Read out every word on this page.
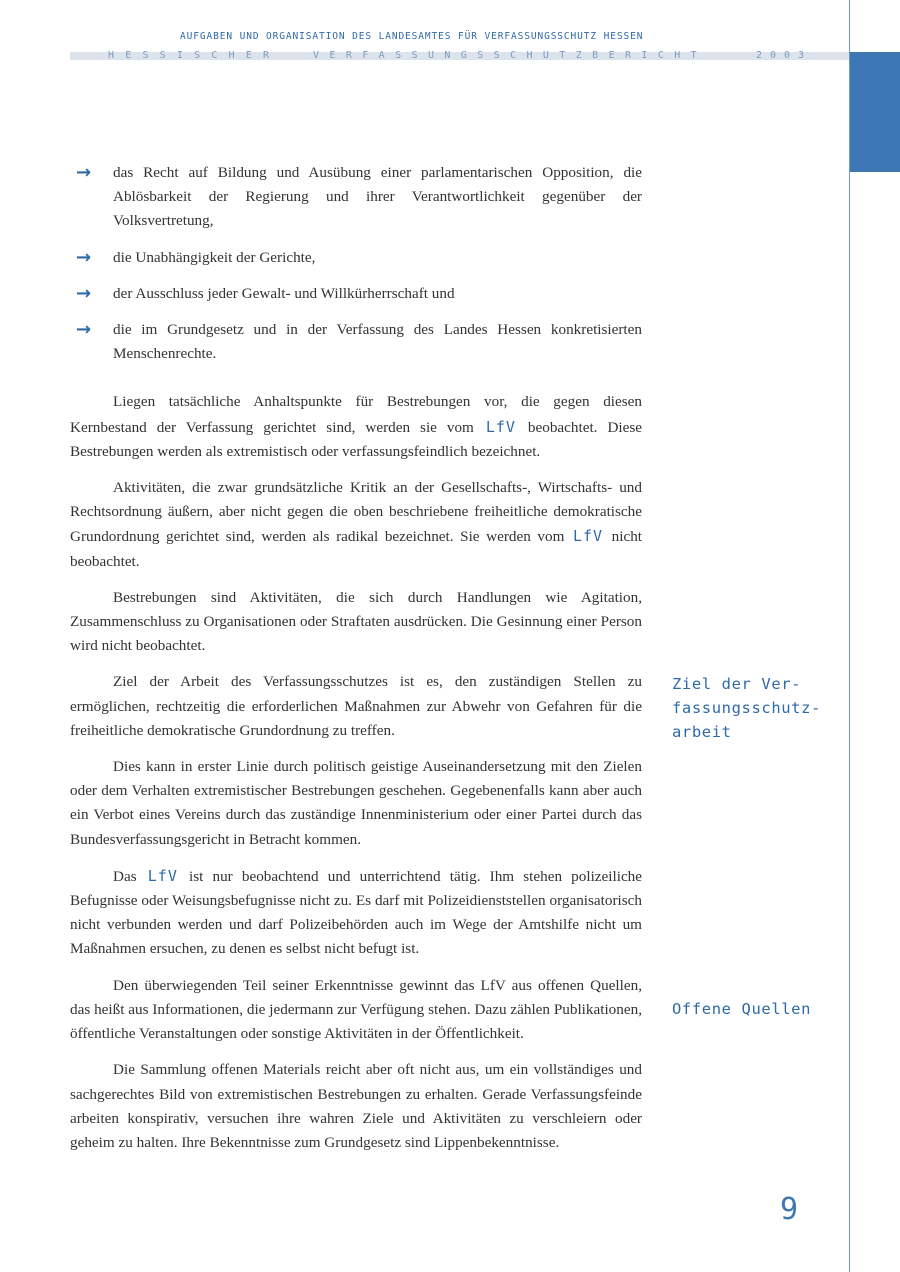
AUFGABEN UND ORGANISATION DES LANDESAMTES FÜR VERFASSUNGSSCHUTZ HESSEN
HESSISCHER	VERFASSUNGSSCHUTZBERICHT	2003
→	das Recht auf Bildung und Ausübung einer parlamentarischen Opposition, die Ablösbarkeit der Regierung und ihrer Verantwortlichkeit gegenüber der Volksvertretung,
→	die Unabhängigkeit der Gerichte,
→	der Ausschluss jeder Gewalt- und Willkürherrschaft und
→	die im Grundgesetz und in der Verfassung des Landes Hessen konkretisierten Menschenrechte.

Liegen tatsächliche Anhaltspunkte für Bestrebungen vor, die gegen diesen Kernbestand der Verfassung gerichtet sind, werden sie vom LfV beobachtet. Diese Bestrebungen werden als extremistisch oder verfassungsfeindlich bezeichnet.

Aktivitäten, die zwar grundsätzliche Kritik an der Gesellschafts-, Wirtschafts- und Rechtsordnung äußern, aber nicht gegen die oben beschriebene freiheitliche demokratische Grundordnung gerichtet sind, werden als radikal bezeichnet. Sie werden vom LfV nicht beobachtet.

Bestrebungen sind Aktivitäten, die sich durch Handlungen wie Agitation, Zusammenschluss zu Organisationen oder Straftaten ausdrücken. Die Gesinnung einer Person wird nicht beobachtet.

Ziel der Arbeit des Verfassungsschutzes ist es, den zuständigen Stellen zu ermöglichen, rechtzeitig die erforderlichen Maßnahmen zur Abwehr von Gefahren für die freiheitliche demokratische Grundordnung zu treffen.

Dies kann in erster Linie durch politisch geistige Auseinandersetzung mit den Zielen oder dem Verhalten extremistischer Bestrebungen geschehen. Gegebenenfalls kann aber auch ein Verbot eines Vereins durch das zuständige Innenministerium oder einer Partei durch das Bundesverfassungsgericht in Betracht kommen.

Das LfV ist nur beobachtend und unterrichtend tätig. Ihm stehen polizeiliche Befugnisse oder Weisungsbefugnisse nicht zu. Es darf mit Polizeidienststellen organisatorisch nicht verbunden werden und darf Polizeibehörden auch im Wege der Amtshilfe nicht um Maßnahmen ersuchen, zu denen es selbst nicht befugt ist.

Den überwiegenden Teil seiner Erkenntnisse gewinnt das LfV aus offenen Quellen, das heißt aus Informationen, die jedermann zur Verfügung stehen. Dazu zählen Publikationen, öffentliche Veranstaltungen oder sonstige Aktivitäten in der Öffentlichkeit.

Die Sammlung offenen Materials reicht aber oft nicht aus, um ein vollständiges und sachgerechtes Bild von extremistischen Bestrebungen zu erhalten. Gerade Verfassungsfeinde arbeiten konspirativ, versuchen ihre wahren Ziele und Aktivitäten zu verschleiern oder geheim zu halten. Ihre Bekenntnisse zum Grundgesetz sind Lippenbekenntnisse.

Ziel der Ver-
fassungsschutz-
arbeit
Offene Quellen
9
